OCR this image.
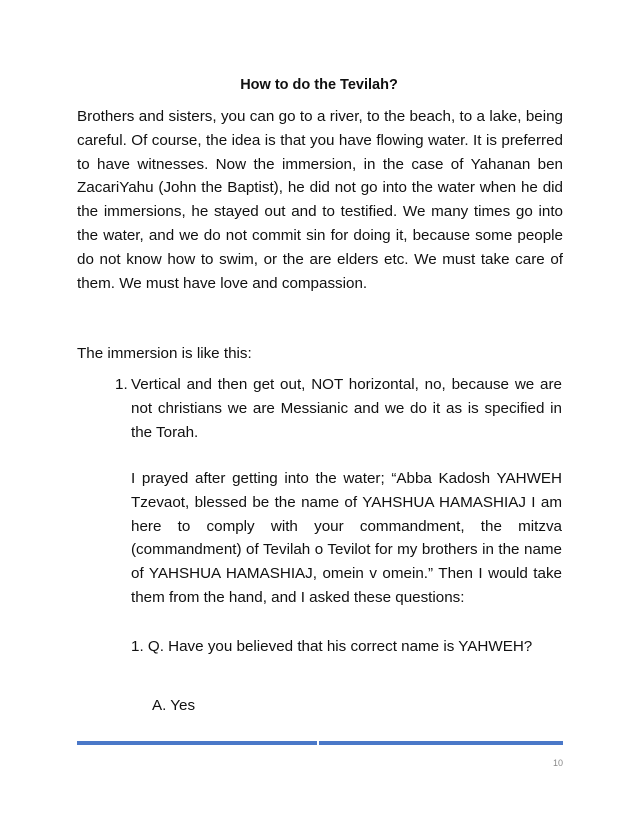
How to do the Tevilah?

Brothers and sisters, you can go to a river, to the beach, to a lake, being careful. Of course, the idea is that you have flowing water. It is preferred to have witnesses. Now the immersion, in the case of Yahanan ben ZacariYahu (John the Baptist), he did not go into the water when he did the immersions, he stayed out and to testified. We many times go into the water, and we do not commit sin for doing it, because some people do not know how to swim, or the are elders etc. We must take care of them. We must have love and compassion.

The immersion is like this:

1. Vertical and then get out, NOT horizontal, no, because we are not christians we are Messianic and we do it as is specified in the Torah.

I prayed after getting into the water; “Abba Kadosh YAHWEH Tzevaot, blessed be the name of YAHSHUA HAMASHIAJ I am here to comply with your commandment, the mitzva (commandment) of Tevilah o Tevilot for my brothers in the name of YAHSHUA HAMASHIAJ, omein v omein.” Then I would take them from the hand, and I asked these questions:

1. Q. Have you believed that his correct name is YAHWEH?

A. Yes

10
